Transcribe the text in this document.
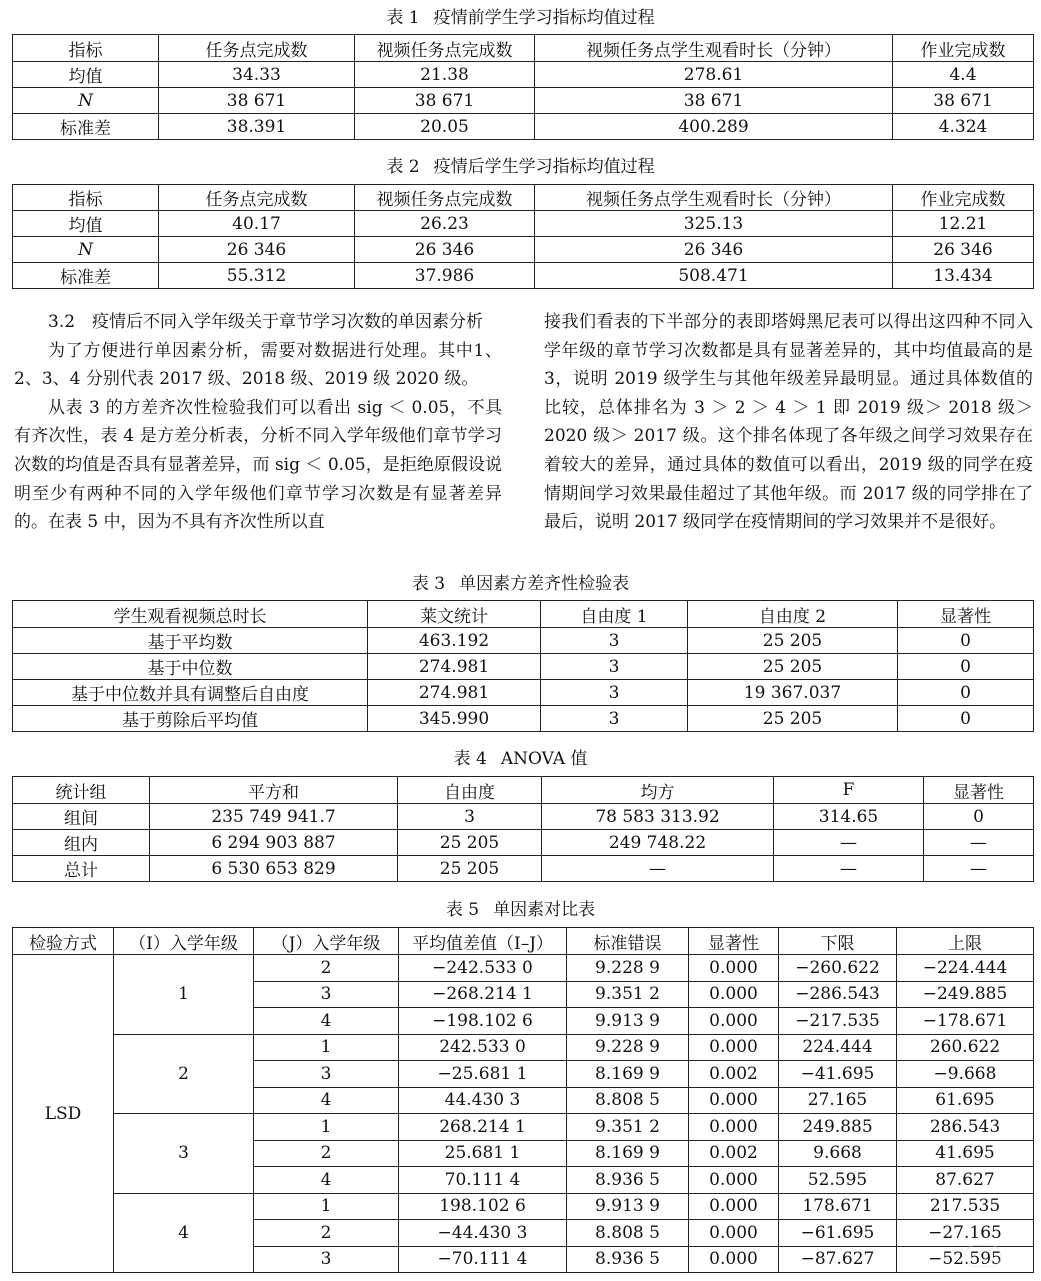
表 1 疫情前学生学习指标均值过程
指标	任务点完成数	视频任务点完成数	视频任务点学生观看时长（分钟）	作业完成数
均值	34.33	21.38	278.61	4.4
N	38 671	38 671	38 671	38 671
标准差	38.391	20.05	400.289	4.324
表 2 疫情后学生学习指标均值过程
指标	任务点完成数	视频任务点完成数	视频任务点学生观看时长（分钟）	作业完成数
均值	40.17	26.23	325.13	12.21
N	26 346	26 346	26 346	26 346
标准差	55.312	37.986	508.471	13.434

3.2　疫情后不同入学年级关于章节学习次数的单因素分析

为了方便进行单因素分析，需要对数据进行处理。其中1、2、3、4 分别代表 2017 级、2018 级、2019 级 2020 级。

从表 3 的方差齐次性检验我们可以看出 sig ＜ 0.05，不具有齐次性，表 4 是方差分析表，分析不同入学年级他们章节学习次数的均值是否具有显著差异，而 sig ＜ 0.05，是拒绝原假设说明至少有两种不同的入学年级他们章节学习次数是有显著差异的。在表 5 中，因为不具有齐次性所以直

接我们看表的下半部分的表即塔姆黑尼表可以得出这四种不同入学年级的章节学习次数都是具有显著差异的，其中均值最高的是 3，说明 2019 级学生与其他年级差异最明显。通过具体数值的比较，总体排名为 3 ＞ 2 ＞ 4 ＞ 1 即 2019 级＞ 2018 级＞ 2020 级＞ 2017 级。这个排名体现了各年级之间学习效果存在着较大的差异，通过具体的数值可以看出，2019 级的同学在疫情期间学习效果最佳超过了其他年级。而 2017 级的同学排在了最后，说明 2017 级同学在疫情期间的学习效果并不是很好。
表 3 单因素方差齐性检验表
学生观看视频总时长	莱文统计	自由度 1	自由度 2	显著性
基于平均数	463.192	3	25 205	0
基于中位数	274.981	3	25 205	0
基于中位数并具有调整后自由度	274.981	3	19 367.037	0
基于剪除后平均值	345.990	3	25 205	0
表 4 ANOVA 值
统计组	平方和	自由度	均方	F	显著性
组间	235 749 941.7	3	78 583 313.92	314.65	0
组内	6 294 903 887	25 205	249 748.22	—	—
总计	6 530 653 829	25 205	—	—	—
表 5 单因素对比表
检验方式	（I）入学年级	（J）入学年级	平均值差值（I–J）	标准错误	显著性	下限	上限
LSD	1	2	−242.533 0	9.228 9	0.000	−260.622	−224.444
		3	−268.214 1	9.351 2	0.000	−286.543	−249.885
		4	−198.102 6	9.913 9	0.000	−217.535	−178.671
	2	1	242.533 0	9.228 9	0.000	224.444	260.622
		3	−25.681 1	8.169 9	0.002	−41.695	−9.668
		4	44.430 3	8.808 5	0.000	27.165	61.695
	3	1	268.214 1	9.351 2	0.000	249.885	286.543
		2	25.681 1	8.169 9	0.002	9.668	41.695
		4	70.111 4	8.936 5	0.000	52.595	87.627
	4	1	198.102 6	9.913 9	0.000	178.671	217.535
		2	−44.430 3	8.808 5	0.000	−61.695	−27.165
		3	−70.111 4	8.936 5	0.000	−87.627	−52.595
